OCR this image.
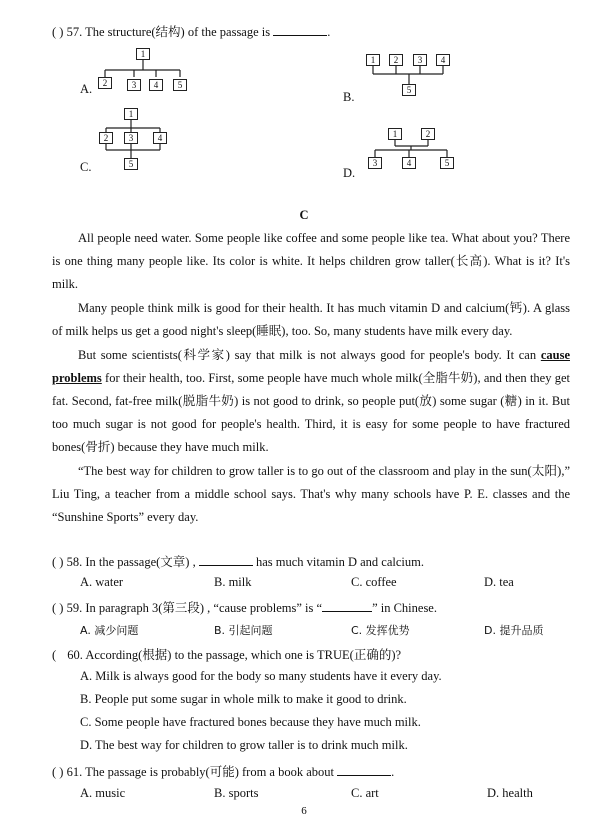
( ) 57. The structure(结构) of the passage is	.
A.
1
2	3	4	5
B.
1	2	3	4
5
C.
1
2	3	4
5
D.
1	2
3	4	5
C

All people need water. Some people like coffee and some people like tea. What about you? There is one thing many people like. Its color is white. It helps children grow taller(长高). What is it? It's milk.

Many people think milk is good for their health. It has much vitamin D and calcium(钙). A glass of milk helps us get a good night's sleep(睡眠), too. So, many students have milk every day.

But some scientists(科学家) say that milk is not always good for people's body. It can cause problems for their health, too. First, some people have much whole milk(全脂牛奶), and then they get fat. Second, fat-free milk(脱脂牛奶) is not good to drink, so people put(放) some sugar (糖) in it. But too much sugar is not good for people's health. Third, it is easy for some people to have fractured bones(骨折) because they have much milk.

“The best way for children to grow taller is to go out of the classroom and play in the sun(太阳),” Liu Ting, a teacher from a middle school says. That's why many schools have P. E. classes and the “Sunshine Sports” every day.

( ) 58. In the passage(文章) ,	has much vitamin D and calcium.
A. water	B. milk	C. coffee	D. tea
( ) 59. In paragraph 3(第三段) , “cause problems” is “	” in Chinese.
A. 减少问题	B. 引起问题	C. 发挥优势	D. 提升品质
( 60. According(根据) to the passage, which one is TRUE(正确的)?
A. Milk is always good for the body so many students have it every day.
B. People put some sugar in whole milk to make it good to drink.
C. Some people have fractured bones because they have much milk.
D. The best way for children to grow taller is to drink much milk.
( ) 61. The passage is probably(可能) from a book about	.
A. music	B. sports	C. art	D. health
6
